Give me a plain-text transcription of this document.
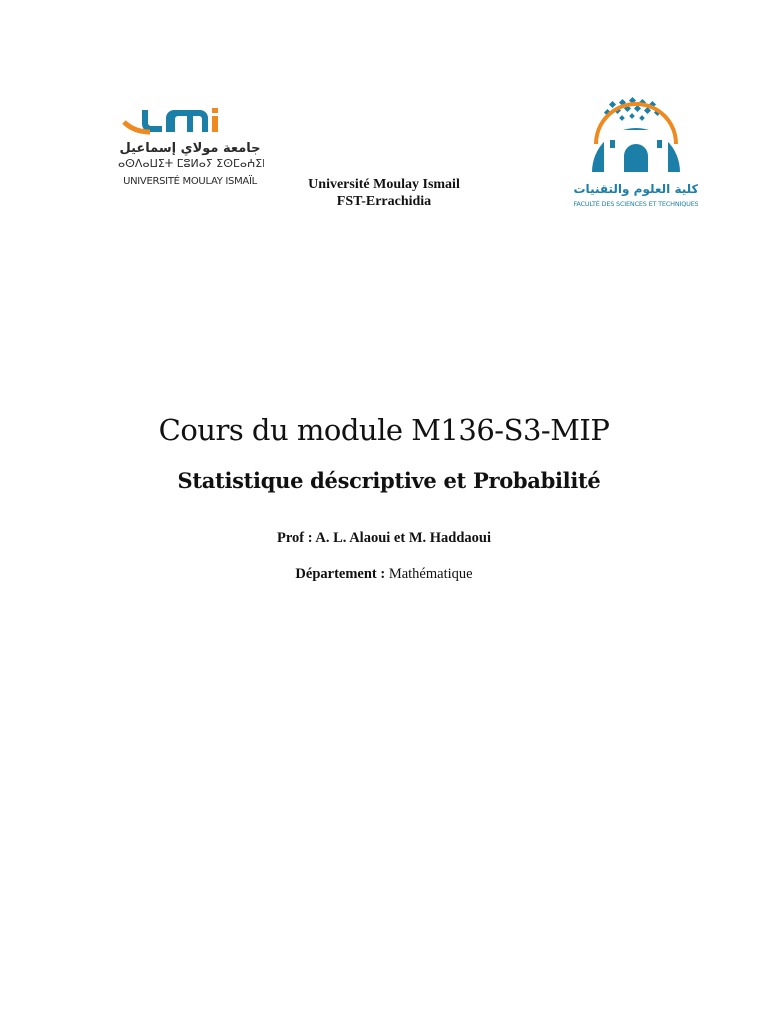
جامعة مولاي إسماعيل
ⵜⴰⵙⴷⴰⵡⵉⵜ ⵎⵓⵍⴰⵢ ⵉⵙⵎⴰⵄⵉⵍ
UNIVERSITÉ MOULAY ISMAÏL	Université Moulay Ismail
FST-Errachidia
كلية العلوم والتقنيات
FACULTÉ DES SCIENCES ET TECHNIQUES
Cours du module M136-S3-MIP
Statistique déscriptive et Probabilité
Prof : A. L. Alaoui et M. Haddaoui
Département : Mathématique
